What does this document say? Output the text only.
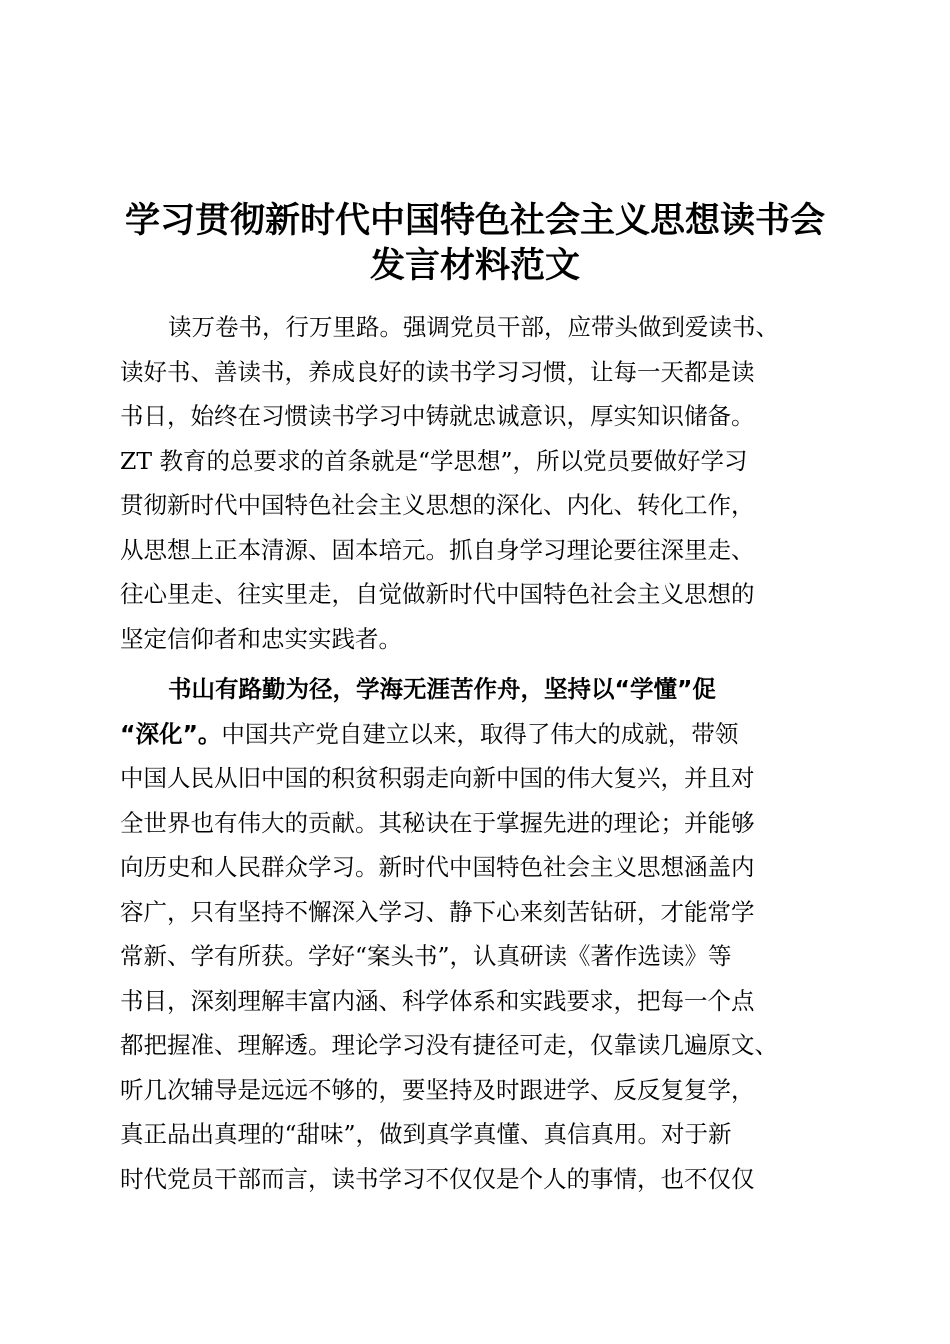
学习贯彻新时代中国特色社会主义思想读书会
发言材料范文
读万卷书，行万里路。强调党员干部，应带头做到爱读书、
读好书、善读书，养成良好的读书学习习惯，让每一天都是读
书日，始终在习惯读书学习中铸就忠诚意识，厚实知识储备。
ZT 教育的总要求的首条就是“学思想”，所以党员要做好学习
贯彻新时代中国特色社会主义思想的深化、内化、转化工作，
从思想上正本清源、固本培元。抓自身学习理论要往深里走、
往心里走、往实里走，自觉做新时代中国特色社会主义思想的
坚定信仰者和忠实实践者。
书山有路勤为径，学海无涯苦作舟，坚持以“学懂”促
“深化”。中国共产党自建立以来，取得了伟大的成就，带领
中国人民从旧中国的积贫积弱走向新中国的伟大复兴，并且对
全世界也有伟大的贡献。其秘诀在于掌握先进的理论；并能够
向历史和人民群众学习。新时代中国特色社会主义思想涵盖内
容广，只有坚持不懈深入学习、静下心来刻苦钻研，才能常学
常新、学有所获。学好“案头书”，认真研读《著作选读》等
书目，深刻理解丰富内涵、科学体系和实践要求，把每一个点
都把握准、理解透。理论学习没有捷径可走，仅靠读几遍原文、
听几次辅导是远远不够的，要坚持及时跟进学、反反复复学，
真正品出真理的“甜味”，做到真学真懂、真信真用。对于新
时代党员干部而言，读书学习不仅仅是个人的事情，也不仅仅
